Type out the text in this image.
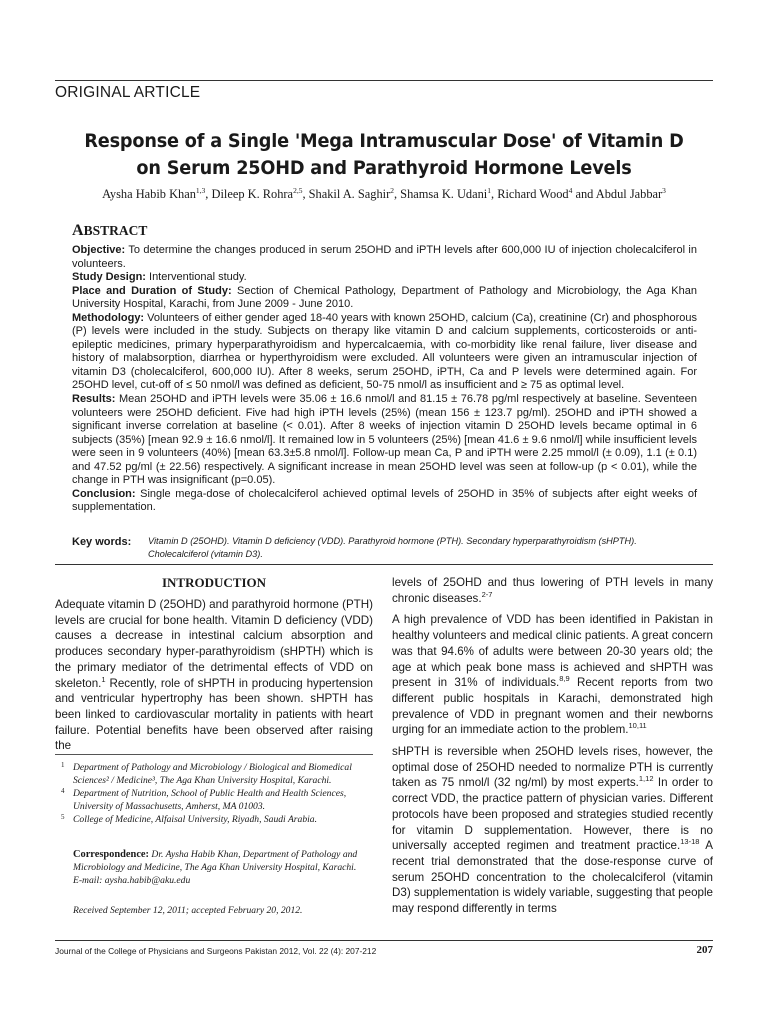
ORIGINAL ARTICLE
Response of a Single 'Mega Intramuscular Dose' of Vitamin D
on Serum 25OHD and Parathyroid Hormone Levels
Aysha Habib Khan$^{1,3}$, Dileep K. Rohra$^{2,5}$, Shakil A. Saghir$^2$, Shamsa K. Udani$^1$, Richard Wood$^4$ and Abdul Jabbar$^3$
ABSTRACT

Objective: To determine the changes produced in serum 25OHD and iPTH levels after 600,000 IU of injection cholecalciferol in volunteers.

Study Design: Interventional study.

Place and Duration of Study: Section of Chemical Pathology, Department of Pathology and Microbiology, the Aga Khan University Hospital, Karachi, from June 2009 - June 2010.

Methodology: Volunteers of either gender aged 18-40 years with known 25OHD, calcium (Ca), creatinine (Cr) and phosphorous (P) levels were included in the study. Subjects on therapy like vitamin D and calcium supplements, corticosteroids or anti-epileptic medicines, primary hyperparathyroidism and hypercalcaemia, with co-morbidity like renal failure, liver disease and history of malabsorption, diarrhea or hyperthyroidism were excluded. All volunteers were given an intramuscular injection of vitamin D3 (cholecalciferol, 600,000 IU). After 8 weeks, serum 25OHD, iPTH, Ca and P levels were determined again. For 25OHD level, cut-off of ≤ 50 nmol/l was defined as deficient, 50-75 nmol/l as insufficient and ≥ 75 as optimal level.

Results: Mean 25OHD and iPTH levels were 35.06 ± 16.6 nmol/l and 81.15 ± 76.78 pg/ml respectively at baseline. Seventeen volunteers were 25OHD deficient. Five had high iPTH levels (25%) (mean 156 ± 123.7 pg/ml). 25OHD and iPTH showed a significant inverse correlation at baseline (< 0.01). After 8 weeks of injection vitamin D 25OHD levels became optimal in 6 subjects (35%) [mean 92.9 ± 16.6 nmol/l]. It remained low in 5 volunteers (25%) [mean 41.6 ± 9.6 nmol/l] while insufficient levels were seen in 9 volunteers (40%) [mean 63.3±5.8 nmol/l]. Follow-up mean Ca, P and iPTH were 2.25 mmol/l (± 0.09), 1.1 (± 0.1) and 47.52 pg/ml (± 22.56) respectively. A significant increase in mean 25OHD level was seen at follow-up (p < 0.01), while the change in PTH was insignificant (p=0.05).

Conclusion: Single mega-dose of cholecalciferol achieved optimal levels of 25OHD in 35% of subjects after eight weeks of supplementation.

Key words: Vitamin D (25OHD). Vitamin D deficiency (VDD). Parathyroid hormone (PTH). Secondary hyperparathyroidism (sHPTH).
Cholecalciferol (vitamin D3).
INTRODUCTION

Adequate vitamin D (25OHD) and parathyroid hormone (PTH) levels are crucial for bone health. Vitamin D deficiency (VDD) causes a decrease in intestinal calcium absorption and produces secondary hyper-parathyroidism (sHPTH) which is the primary mediator of the detrimental effects of VDD on skeleton.$^1$ Recently, role of sHPTH in producing hypertension and ventricular hypertrophy has been shown. sHPTH has been linked to cardiovascular mortality in patients with heart failure. Potential benefits have been observed after raising the

1 Department of Pathology and Microbiology / Biological and Biomedical Sciences² / Medicine³, The Aga Khan University Hospital, Karachi.
4 Department of Nutrition, School of Public Health and Health Sciences, University of Massachusetts, Amherst, MA 01003.
5 College of Medicine, Alfaisal University, Riyadh, Saudi Arabia.
Correspondence: Dr. Aysha Habib Khan, Department of Pathology and Microbiology and Medicine, The Aga Khan University Hospital, Karachi.
E-mail: aysha.habib@aku.edu
Received September 12, 2011; accepted February 20, 2012.

levels of 25OHD and thus lowering of PTH levels in many chronic diseases.$^{2-7}$

A high prevalence of VDD has been identified in Pakistan in healthy volunteers and medical clinic patients. A great concern was that 94.6% of adults were between 20-30 years old; the age at which peak bone mass is achieved and sHPTH was present in 31% of individuals.$^{8,9}$ Recent reports from two different public hospitals in Karachi, demonstrated high prevalence of VDD in pregnant women and their newborns urging for an immediate action to the problem.$^{10,11}$

sHPTH is reversible when 25OHD levels rises, however, the optimal dose of 25OHD needed to normalize PTH is currently taken as 75 nmol/l (32 ng/ml) by most experts.$^{1,12}$ In order to correct VDD, the practice pattern of physician varies. Different protocols have been proposed and strategies studied recently for vitamin D supplementation. However, there is no universally accepted regimen and treatment practice.$^{13-18}$ A recent trial demonstrated that the dose-response curve of serum 25OHD concentration to the cholecalciferol (vitamin D3) supplementation is widely variable, suggesting that people may respond differently in terms

Journal of the College of Physicians and Surgeons Pakistan 2012, Vol. 22 (4): 207-212	207
